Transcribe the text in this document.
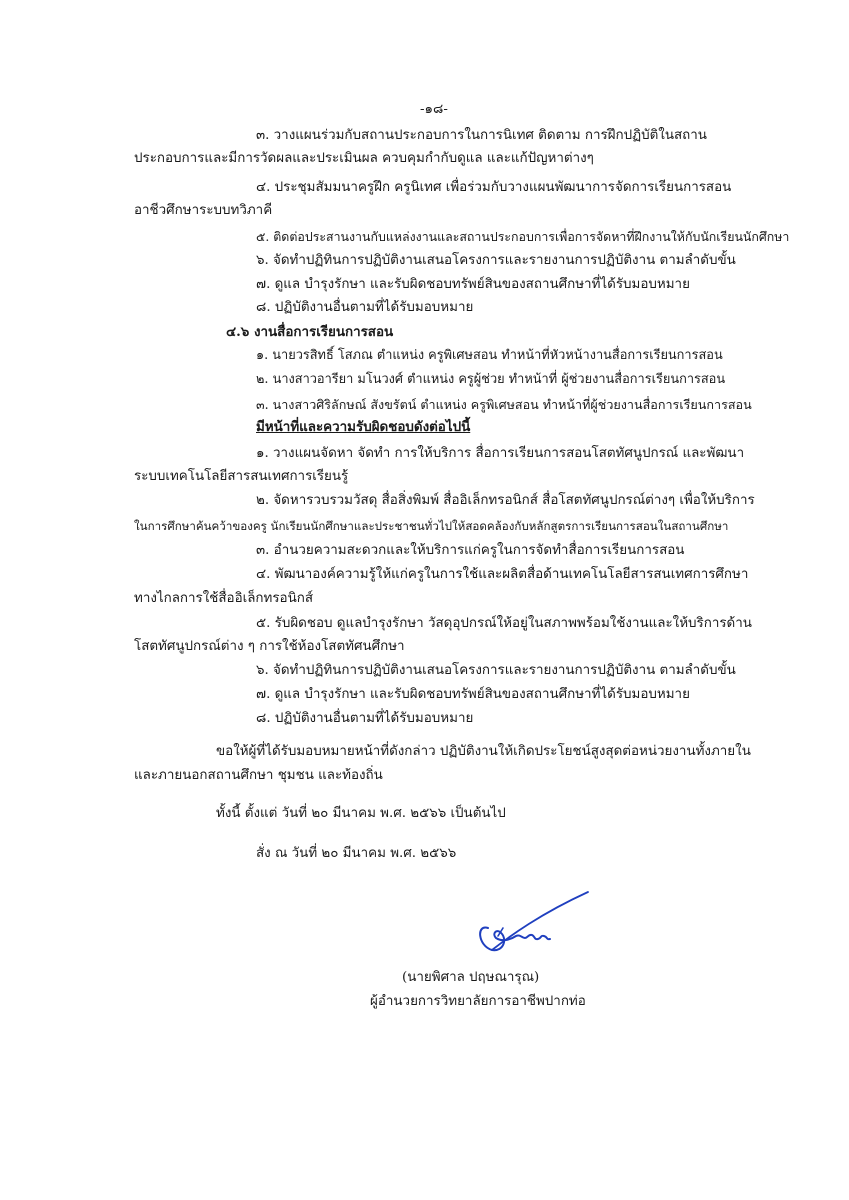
-๑๘-
๓. วางแผนร่วมกับสถานประกอบการในการนิเทศ ติดตาม การฝึกปฏิบัติในสถาน
ประกอบการและมีการวัดผลและประเมินผล ควบคุมกำกับดูแล และแก้ปัญหาต่างๆ
๔. ประชุมสัมมนาครูฝึก ครูนิเทศ เพื่อร่วมกับวางแผนพัฒนาการจัดการเรียนการสอน
อาชีวศึกษาระบบทวิภาคี
๕. ติดต่อประสานงานกับแหล่งงานและสถานประกอบการเพื่อการจัดหาที่ฝึกงานให้กับนักเรียนนักศึกษา
๖. จัดทำปฏิทินการปฏิบัติงานเสนอโครงการและรายงานการปฏิบัติงาน ตามลำดับขั้น
๗. ดูแล บำรุงรักษา และรับผิดชอบทรัพย์สินของสถานศึกษาที่ได้รับมอบหมาย
๘. ปฏิบัติงานอื่นตามที่ได้รับมอบหมาย
๔.๖ งานสื่อการเรียนการสอน
๑. นายวรสิทธิ์ โสภณ ตำแหน่ง ครูพิเศษสอน ทำหน้าที่หัวหน้างานสื่อการเรียนการสอน
๒. นางสาวอารียา มโนวงศ์ ตำแหน่ง ครูผู้ช่วย ทำหน้าที่ ผู้ช่วยงานสื่อการเรียนการสอน
๓. นางสาวศิริลักษณ์ สังขรัตน์ ตำแหน่ง ครูพิเศษสอน ทำหน้าที่ผู้ช่วยงานสื่อการเรียนการสอน
มีหน้าที่และความรับผิดชอบดังต่อไปนี้
๑. วางแผนจัดหา จัดทำ การให้บริการ สื่อการเรียนการสอนโสตทัศนูปกรณ์ และพัฒนา
ระบบเทคโนโลยีสารสนเทศการเรียนรู้
๒. จัดหารวบรวมวัสดุ สื่อสิ่งพิมพ์ สื่ออิเล็กทรอนิกส์ สื่อโสตทัศนูปกรณ์ต่างๆ เพื่อให้บริการ
ในการศึกษาค้นคว้าของครู นักเรียนนักศึกษาและประชาชนทั่วไปให้สอดคล้องกับหลักสูตรการเรียนการสอนในสถานศึกษา
๓. อำนวยความสะดวกและให้บริการแก่ครูในการจัดทำสื่อการเรียนการสอน
๔. พัฒนาองค์ความรู้ให้แก่ครูในการใช้และผลิตสื่อด้านเทคโนโลยีสารสนเทศการศึกษา
ทางไกลการใช้สื่ออิเล็กทรอนิกส์
๕. รับผิดชอบ ดูแลบำรุงรักษา วัสดุอุปกรณ์ให้อยู่ในสภาพพร้อมใช้งานและให้บริการด้าน
โสตทัศนูปกรณ์ต่าง ๆ การใช้ห้องโสตทัศนศึกษา
๖. จัดทำปฏิทินการปฏิบัติงานเสนอโครงการและรายงานการปฏิบัติงาน ตามลำดับขั้น
๗. ดูแล บำรุงรักษา และรับผิดชอบทรัพย์สินของสถานศึกษาที่ได้รับมอบหมาย
๘. ปฏิบัติงานอื่นตามที่ได้รับมอบหมาย
ขอให้ผู้ที่ได้รับมอบหมายหน้าที่ดังกล่าว ปฏิบัติงานให้เกิดประโยชน์สูงสุดต่อหน่วยงานทั้งภายใน
และภายนอกสถานศึกษา ชุมชน และท้องถิ่น
ทั้งนี้ ตั้งแต่ วันที่ ๒๐ มีนาคม พ.ศ. ๒๕๖๖ เป็นต้นไป
สั่ง ณ วันที่ ๒๐ มีนาคม พ.ศ. ๒๕๖๖
(นายพิศาล ปฤษณารุณ)
ผู้อำนวยการวิทยาลัยการอาชีพปากท่อ
